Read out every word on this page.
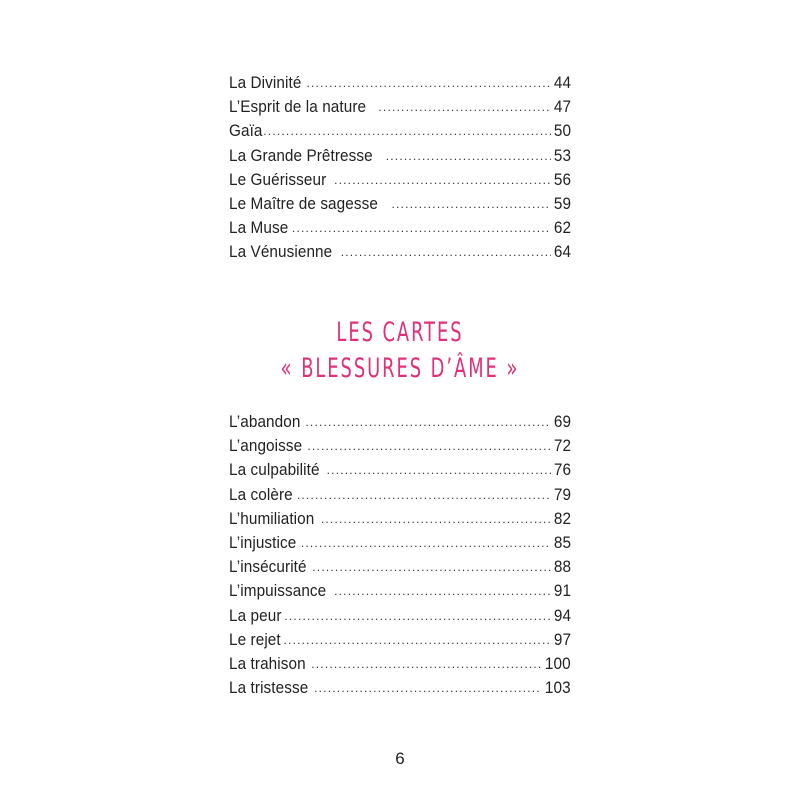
La Divinité .....	44
L’Esprit de la nature .....	47
Gaïa .....	50
La Grande Prêtresse .....	53
Le Guérisseur .....	56
Le Maître de sagesse .....	59
La Muse .....	62
La Vénusienne .....	64
LES CARTES
« BLESSURES D’ÂME »
L’abandon .....	69
L’angoisse .....	72
La culpabilité .....	76
La colère .....	79
L’humiliation .....	82
L’injustice .....	85
L’insécurité .....	88
L’impuissance .....	91
La peur .....	94
Le rejet .....	97
La trahison .....	100
La tristesse .....	103
6
